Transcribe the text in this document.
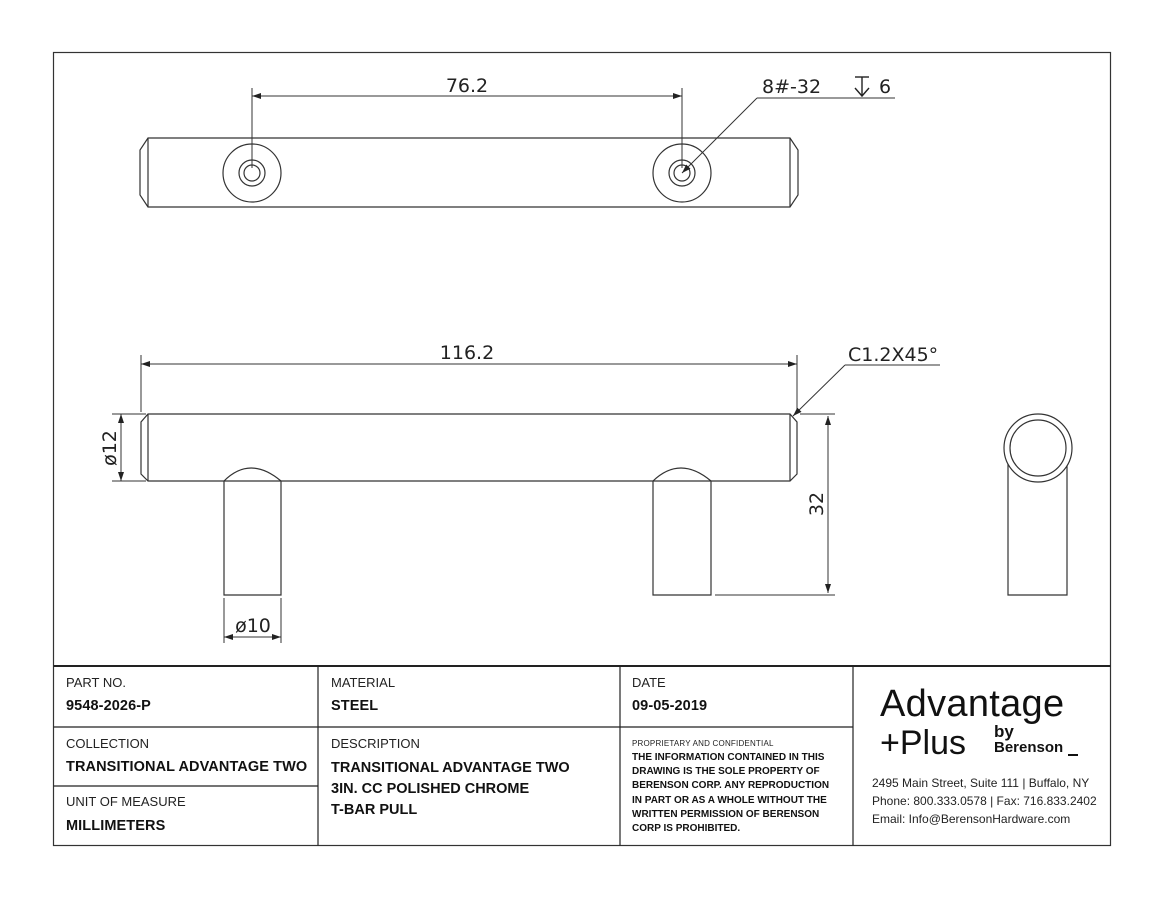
76.2	8#-32	6
116.2	C1.2X45°
ø12
ø10
32
PART NO.
9548-2026-P
MATERIAL
STEEL
DATE
09-05-2019
COLLECTION
TRANSITIONAL ADVANTAGE TWO
UNIT OF MEASURE
MILLIMETERS
DESCRIPTION
TRANSITIONAL ADVANTAGE TWO
3IN. CC POLISHED CHROME
T-BAR PULL
PROPRIETARY AND CONFIDENTIAL
THE INFORMATION CONTAINED IN THIS
DRAWING IS THE SOLE PROPERTY OF
BERENSON CORP. ANY REPRODUCTION
IN PART OR AS A WHOLE WITHOUT THE
WRITTEN PERMISSION OF BERENSON
CORP IS PROHIBITED.
Advantage
+Plus by
Berenson
2495 Main Street, Suite 111 | Buffalo, NY
Phone: 800.333.0578 | Fax: 716.833.2402
Email: Info@BerensonHardware.com
